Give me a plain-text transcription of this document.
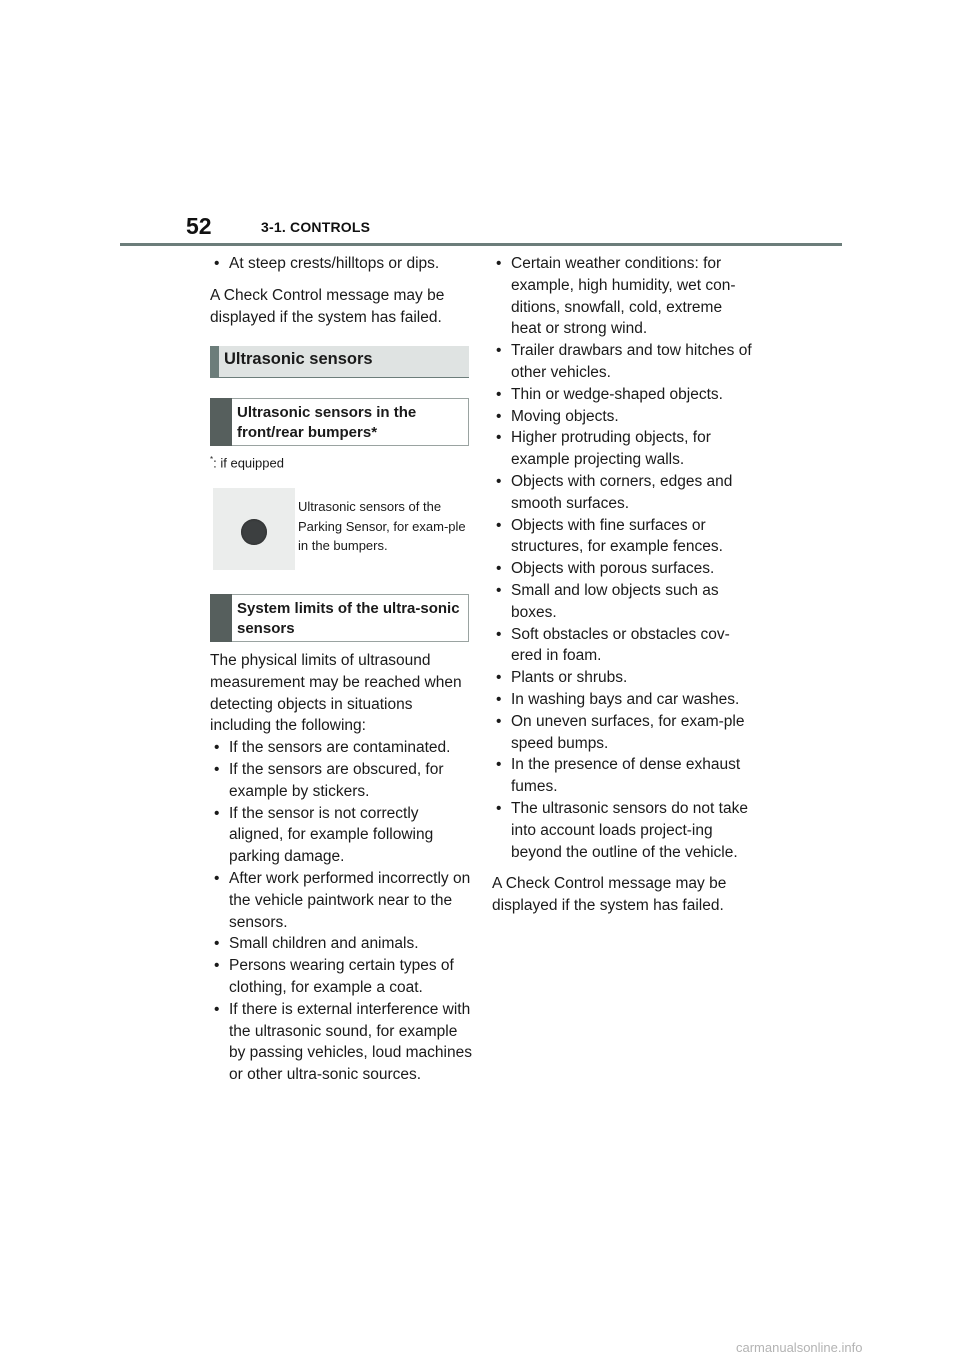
52	3-1. CONTROLS
• At steep crests/hilltops or dips.

A Check Control message may be displayed if the system has failed.

Ultrasonic sensors
Ultrasonic sensors in the front/rear bumpers*
*: if equipped
Ultrasonic sensors of the Parking Sensor, for exam-ple in the bumpers.
System limits of the ultra-sonic sensors

The physical limits of ultrasound measurement may be reached when detecting objects in situations including the following:

• If the sensors are contaminated.
• If the sensors are obscured, for example by stickers.
• If the sensor is not correctly aligned, for example following parking damage.
• After work performed incorrectly on the vehicle paintwork near to the sensors.
• Small children and animals.
• Persons wearing certain types of clothing, for example a coat.
• If there is external interference with the ultrasonic sound, for example by passing vehicles, loud machines or other ultra-sonic sources.
• Certain weather conditions: for example, high humidity, wet con-ditions, snowfall, cold, extreme heat or strong wind.
• Trailer drawbars and tow hitches of other vehicles.
• Thin or wedge-shaped objects.
• Moving objects.
• Higher protruding objects, for example projecting walls.
• Objects with corners, edges and smooth surfaces.
• Objects with fine surfaces or structures, for example fences.
• Objects with porous surfaces.
• Small and low objects such as boxes.
• Soft obstacles or obstacles cov-ered in foam.
• Plants or shrubs.
• In washing bays and car washes.
• On uneven surfaces, for exam-ple speed bumps.
• In the presence of dense exhaust fumes.
• The ultrasonic sensors do not take into account loads project-ing beyond the outline of the vehicle.

A Check Control message may be displayed if the system has failed.

carmanualsonline.info
